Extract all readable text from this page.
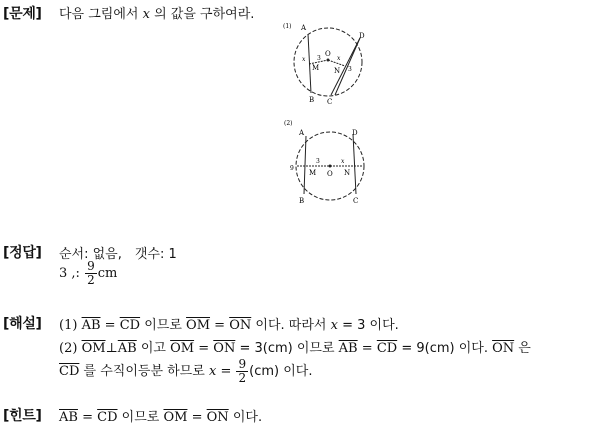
[문제] 다음 그림에서 x 의 값을 구하여라.
(1) A
D
B C
M N
O
x 3	x
3
(2)
A	D
B	C
M O N
9
3	x
[정답] 순서: 없음,　갯수: 1
3 ,: $\frac{9}{2}$ cm
[해설] (1) $\overline{AB} = \overline{CD}$ 이므로 $\overline{OM} = \overline{ON}$ 이다. 따라서 x = 3 이다.
(2) $\overline{OM}\perp\overline{AB}$ 이고 $\overline{OM} = \overline{ON} = 3(cm)$ 이므로 $\overline{AB} = \overline{CD} = 9(cm)$ 이다. $\overline{ON}$ 은
$\overline{CD}$ 를 수직이등분 하므로 $x = \frac{9}{2} (cm)$ 이다.
[힌트] $\overline{AB} = \overline{CD}$ 이므로 $\overline{OM} = \overline{ON}$ 이다.
